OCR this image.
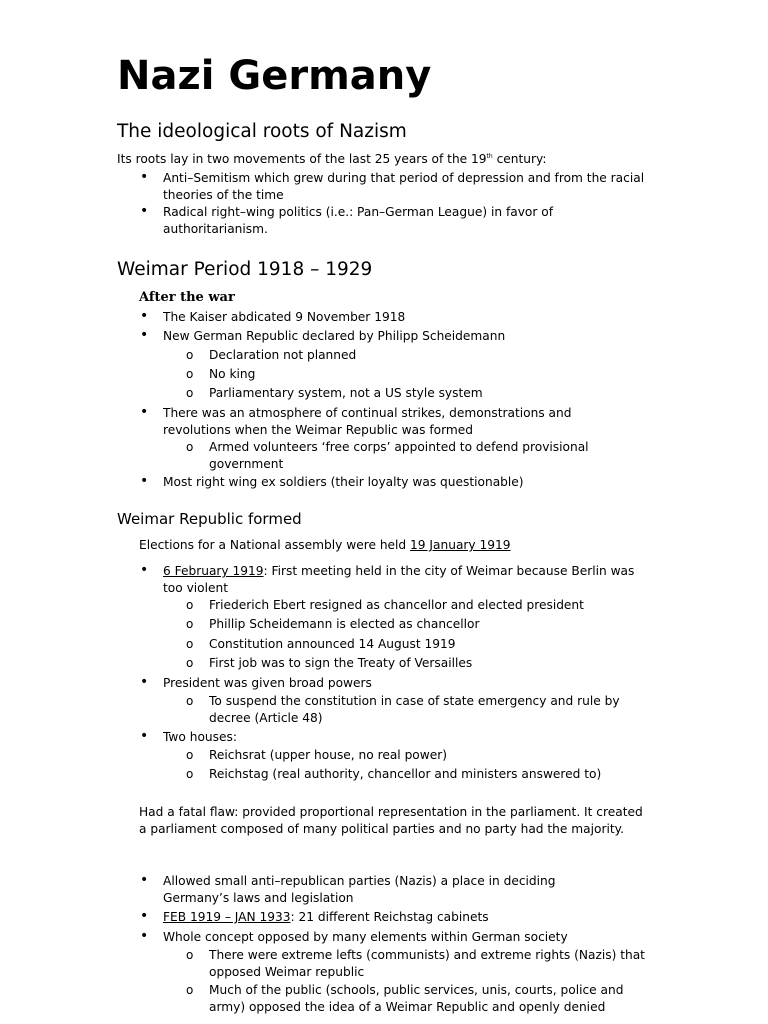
Nazi Germany
The ideological roots of Nazism
Its roots lay in two movements of the last 25 years of the 19th century:
• Anti–Semitism which grew during that period of depression and from the racial theories of the time
• Radical right–wing politics (i.e.: Pan–German League) in favor of authoritarianism.
Weimar Period 1918 – 1929
After the war
• The Kaiser abdicated 9 November 1918
• New German Republic declared by Philipp Scheidemann
o Declaration not planned
o No king
o Parliamentary system, not a US style system
• There was an atmosphere of continual strikes, demonstrations and revolutions when the Weimar Republic was formed
o Armed volunteers ‘free corps’ appointed to defend provisional government
• Most right wing ex soldiers (their loyalty was questionable)
Weimar Republic formed
Elections for a National assembly were held 19 January 1919
• 6 February 1919: First meeting held in the city of Weimar because Berlin was too violent
o Friederich Ebert resigned as chancellor and elected president
o Phillip Scheidemann is elected as chancellor
o Constitution announced 14 August 1919
o First job was to sign the Treaty of Versailles
• President was given broad powers
o To suspend the constitution in case of state emergency and rule by decree (Article 48)
• Two houses:
o Reichsrat (upper house, no real power)
o Reichstag (real authority, chancellor and ministers answered to)
Had a fatal flaw: provided proportional representation in the parliament. It created a parliament composed of many political parties and no party had the majority.
• Allowed small anti–republican parties (Nazis) a place in deciding Germany’s laws and legislation
• FEB 1919 – JAN 1933: 21 different Reichstag cabinets
• Whole concept opposed by many elements within German society
o There were extreme lefts (communists) and extreme rights (Nazis) that opposed Weimar republic
o Much of the public (schools, public services, unis, courts, police and army) opposed the idea of a Weimar Republic and openly denied
